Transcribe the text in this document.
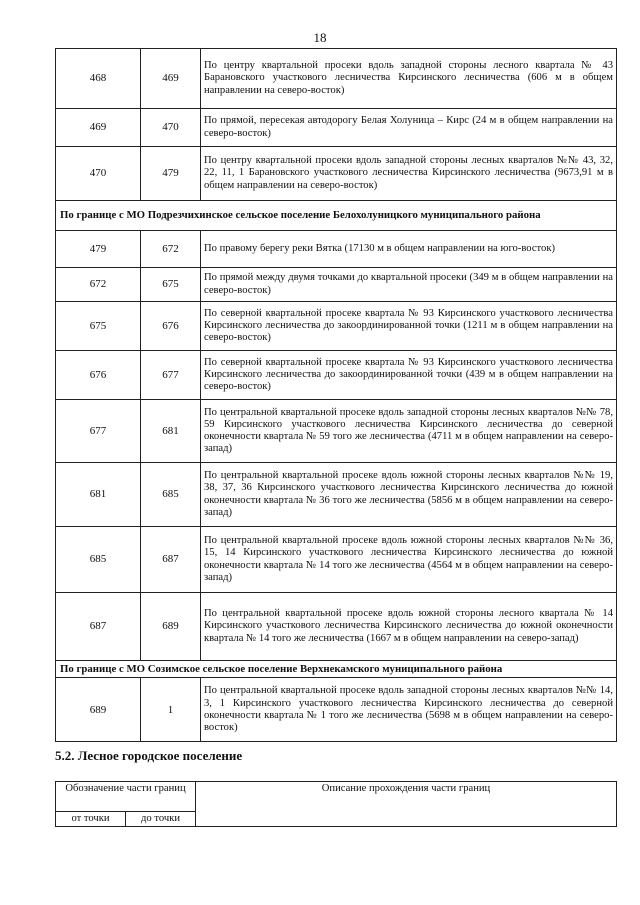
18
468	469	По центру квартальной просеки вдоль западной стороны лесного квартала № 43 Барановского участкового лесничества Кирсинского лесничества (606 м в общем направлении на северо-восток)
469	470	По прямой, пересекая автодорогу Белая Холуница – Кирс (24 м в общем направлении на северо-восток)
470	479	По центру квартальной просеки вдоль западной стороны лесных кварталов №№ 43, 32, 22, 11, 1 Барановского участкового лесничества Кирсинского лесничества (9673,91 м в общем направлении на северо-восток)
По границе с МО Подрезчихинское сельское поселение Белохолуницкого муниципального района		
479	672	По правому берегу реки Вятка (17130 м в общем направлении на юго-восток)
672	675	По прямой между двумя точками до квартальной просеки (349 м в общем направлении на северо-восток)
675	676	По северной квартальной просеке квартала № 93 Кирсинского участкового лесничества Кирсинского лесничества до закоординированной точки (1211 м в общем направлении на северо-восток)
676	677	По северной квартальной просеке квартала № 93 Кирсинского участкового лесничества Кирсинского лесничества до закоординированной точки (439 м в общем направлении на северо-восток)
677	681	По центральной квартальной просеке вдоль западной стороны лесных кварталов №№ 78, 59 Кирсинского участкового лесничества Кирсинского лесничества до северной оконечности квартала № 59 того же лесничества (4711 м в общем направлении на северо-запад)
681	685	По центральной квартальной просеке вдоль южной стороны лесных кварталов №№ 19, 38, 37, 36 Кирсинского участкового лесничества Кирсинского лесничества до южной оконечности квартала № 36 того же лесничества (5856 м в общем направлении на северо-запад)
685	687	По центральной квартальной просеке вдоль южной стороны лесных кварталов №№ 36, 15, 14 Кирсинского участкового лесничества Кирсинского лесничества до южной оконечности квартала № 14 того же лесничества (4564 м в общем направлении на северо-запад)
687	689	По центральной квартальной просеке вдоль южной стороны лесного квартала № 14 Кирсинского участкового лесничества Кирсинского лесничества до южной оконечности квартала № 14 того же лесничества (1667 м в общем направлении на северо-запад)
По границе с МО Созимское сельское поселение Верхнекамского муниципального района		
689	1	По центральной квартальной просеке вдоль западной стороны лесных кварталов №№ 14, 3, 1 Кирсинского участкового лесничества Кирсинского лесничества до северной оконечности квартала № 1 того же лесничества (5698 м в общем направлении на северо-восток)
5.2. Лесное городское поселение
Обозначение части границ		Описание прохождения части границ
от точки	до точки	
